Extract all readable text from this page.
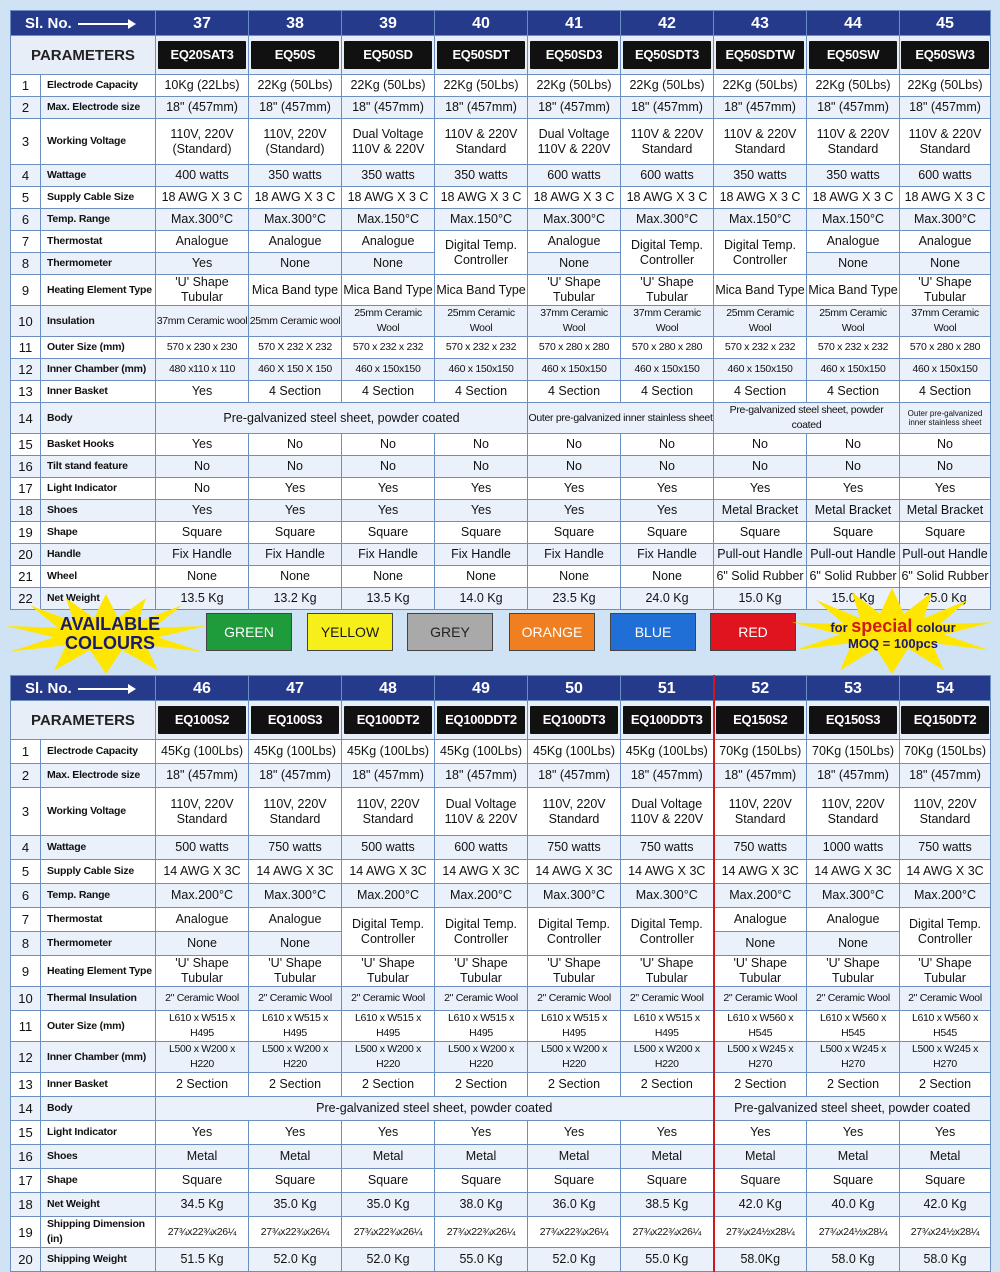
Sl. No.		37	38	39	40	41	42	43	44	45
PARAMETERS		EQ20SAT3	EQ50S	EQ50SD	EQ50SDT	EQ50SD3	EQ50SDT3	EQ50SDTW	EQ50SW	EQ50SW3
1	Electrode Capacity	10Kg (22Lbs)	22Kg (50Lbs)	22Kg (50Lbs)	22Kg (50Lbs)	22Kg (50Lbs)	22Kg (50Lbs)	22Kg (50Lbs)	22Kg (50Lbs)	22Kg (50Lbs)
2	Max. Electrode size	18" (457mm)	18" (457mm)	18" (457mm)	18" (457mm)	18" (457mm)	18" (457mm)	18" (457mm)	18" (457mm)	18" (457mm)
3	Working Voltage	110V, 220V (Standard)	110V, 220V (Standard)	Dual Voltage 110V & 220V	110V & 220V Standard	Dual Voltage 110V & 220V	110V & 220V Standard	110V & 220V Standard	110V & 220V Standard	110V & 220V Standard
4	Wattage	400 watts	350 watts	350 watts	350 watts	600 watts	600 watts	350 watts	350 watts	600 watts
5	Supply Cable Size	18 AWG X 3 C	18 AWG X 3 C	18 AWG X 3 C	18 AWG X 3 C	18 AWG X 3 C	18 AWG X 3 C	18 AWG X 3 C	18 AWG X 3 C	18 AWG X 3 C
6	Temp. Range	Max.300°C	Max.300°C	Max.150°C	Max.150°C	Max.300°C	Max.300°C	Max.150°C	Max.150°C	Max.300°C
7	Thermostat	Analogue	Analogue	Analogue	Digital Temp. Controller	Analogue	Digital Temp. Controller	Digital Temp. Controller	Analogue	Analogue
8	Thermometer	Yes	None	None		None			None	None
9	Heating Element Type	'U' Shape Tubular	Mica Band type	Mica Band Type	Mica Band Type	'U' Shape Tubular	'U' Shape Tubular	Mica Band Type	Mica Band Type	'U' Shape Tubular
10	Insulation	37mm Ceramic wool	25mm Ceramic wool	25mm Ceramic Wool	25mm Ceramic Wool	37mm Ceramic Wool	37mm Ceramic Wool	25mm Ceramic Wool	25mm Ceramic Wool	37mm Ceramic Wool
11	Outer Size (mm)	570 x 230 x 230	570 X 232 X 232	570 x 232 x 232	570 x 232 x 232	570 x 280 x 280	570 x 280 x 280	570 x 232 x 232	570 x 232 x 232	570 x 280 x 280
12	Inner Chamber (mm)	480 x110 x 110	460 X 150 X 150	460 x 150x150	460 x 150x150	460 x 150x150	460 x 150x150	460 x 150x150	460 x 150x150	460 x 150x150
13	Inner Basket	Yes	4 Section	4 Section	4 Section	4 Section	4 Section	4 Section	4 Section	4 Section
14	Body	Pre-galvanized steel sheet, powder coated				Outer pre-galvanized inner stainless sheet		Pre-galvanized steel sheet, powder coated		Outer pre-galvanized inner stainless sheet
15	Basket Hooks	Yes	No	No	No	No	No	No	No	No
16	Tilt stand feature	No	No	No	No	No	No	No	No	No
17	Light Indicator	No	Yes	Yes	Yes	Yes	Yes	Yes	Yes	Yes
18	Shoes	Yes	Yes	Yes	Yes	Yes	Yes	Metal Bracket	Metal Bracket	Metal Bracket
19	Shape	Square	Square	Square	Square	Square	Square	Square	Square	Square
20	Handle	Fix Handle	Fix Handle	Fix Handle	Fix Handle	Fix Handle	Fix Handle	Pull-out Handle	Pull-out Handle	Pull-out Handle
21	Wheel	None	None	None	None	None	None	6" Solid Rubber	6" Solid Rubber	6" Solid Rubber
22	Net Weight	13.5 Kg	13.2 Kg	13.5 Kg	14.0 Kg	23.5 Kg	24.0 Kg	15.0 Kg	15.0 Kg	25.0 Kg
AVAILABLE
COLOURS
GREEN	YELLOW	GREY	ORANGE	BLUE	RED	for special colour
MOQ = 100pcs
Sl. No.		46	47	48	49	50	51	52	53	54
PARAMETERS		EQ100S2	EQ100S3	EQ100DT2	EQ100DDT2	EQ100DT3	EQ100DDT3	EQ150S2	EQ150S3	EQ150DT2
1	Electrode Capacity	45Kg (100Lbs)	45Kg (100Lbs)	45Kg (100Lbs)	45Kg (100Lbs)	45Kg (100Lbs)	45Kg (100Lbs)	70Kg (150Lbs)	70Kg (150Lbs)	70Kg (150Lbs)
2	Max. Electrode size	18" (457mm)	18" (457mm)	18" (457mm)	18" (457mm)	18" (457mm)	18" (457mm)	18" (457mm)	18" (457mm)	18" (457mm)
3	Working Voltage	110V, 220V Standard	110V, 220V Standard	110V, 220V Standard	Dual Voltage 110V & 220V	110V, 220V Standard	Dual Voltage 110V & 220V	110V, 220V Standard	110V, 220V Standard	110V, 220V Standard
4	Wattage	500 watts	750 watts	500 watts	600 watts	750 watts	750 watts	750 watts	1000 watts	750 watts
5	Supply Cable Size	14 AWG X 3C	14 AWG X 3C	14 AWG X 3C	14 AWG X 3C	14 AWG X 3C	14 AWG X 3C	14 AWG X 3C	14 AWG X 3C	14 AWG X 3C
6	Temp. Range	Max.200°C	Max.300°C	Max.200°C	Max.200°C	Max.300°C	Max.300°C	Max.200°C	Max.300°C	Max.200°C
7	Thermostat	Analogue	Analogue	Digital Temp. Controller	Digital Temp. Controller	Digital Temp. Controller	Digital Temp. Controller	Analogue	Analogue	Digital Temp. Controller
8	Thermometer	None	None					None	None	
9	Heating Element Type	'U' Shape Tubular	'U' Shape Tubular	'U' Shape Tubular	'U' Shape Tubular	'U' Shape Tubular	'U' Shape Tubular	'U' Shape Tubular	'U' Shape Tubular	'U' Shape Tubular
10	Thermal Insulation	2" Ceramic Wool	2" Ceramic Wool	2" Ceramic Wool	2" Ceramic Wool	2" Ceramic Wool	2" Ceramic Wool	2" Ceramic Wool	2" Ceramic Wool	2" Ceramic Wool
11	Outer Size (mm)	L610 x W515 x H495	L610 x W515 x H495	L610 x W515 x H495	L610 x W515 x H495	L610 x W515 x H495	L610 x W515 x H495	L610 x W560 x H545	L610 x W560 x H545	L610 x W560 x H545
12	Inner Chamber (mm)	L500 x W200 x H220	L500 x W200 x H220	L500 x W200 x H220	L500 x W200 x H220	L500 x W200 x H220	L500 x W200 x H220	L500 x W245 x H270	L500 x W245 x H270	L500 x W245 x H270
13	Inner Basket	2 Section	2 Section	2 Section	2 Section	2 Section	2 Section	2 Section	2 Section	2 Section
14	Body	Pre-galvanized steel sheet, powder coated						Pre-galvanized steel sheet, powder coated		
15	Light Indicator	Yes	Yes	Yes	Yes	Yes	Yes	Yes	Yes	Yes
16	Shoes	Metal	Metal	Metal	Metal	Metal	Metal	Metal	Metal	Metal
17	Shape	Square	Square	Square	Square	Square	Square	Square	Square	Square
18	Net Weight	34.5 Kg	35.0 Kg	35.0 Kg	38.0 Kg	36.0 Kg	38.5 Kg	42.0 Kg	40.0 Kg	42.0 Kg
19	Shipping Dimension (in)	27¾x22¾x26¼	27¾x22¾x26¼	27¾x22¾x26¼	27¾x22¾x26¼	27¾x22¾x26¼	27¾x22¾x26¼	27¾x24½x28¼	27¾x24½x28¼	27¾x24½x28¼
20	Shipping Weight	51.5 Kg	52.0 Kg	52.0 Kg	55.0 Kg	52.0 Kg	55.0 Kg	58.0Kg	58.0 Kg	58.0 Kg
